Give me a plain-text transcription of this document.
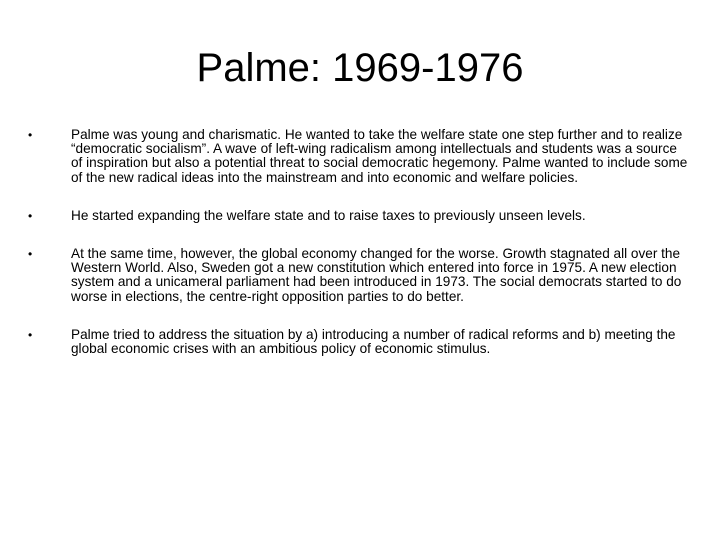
Palme: 1969-1976
•	Palme was young and charismatic. He wanted to take the welfare state one step further and to realize “democratic socialism”. A wave of left-wing radicalism among intellectuals and students was a source of inspiration but also a potential threat to social democratic hegemony. Palme wanted to include some of the new radical ideas into the mainstream and into economic and welfare policies.
•	He started expanding the welfare state and to raise taxes to previously unseen levels.
•	At the same time, however, the global economy changed for the worse. Growth stagnated all over the Western World. Also, Sweden got a new constitution which entered into force in 1975. A new election system and a unicameral parliament had been introduced in 1973. The social democrats started to do worse in elections, the centre-right opposition parties to do better.
•	Palme tried to address the situation by a) introducing a number of radical reforms and b) meeting the global economic crises with an ambitious policy of economic stimulus.
